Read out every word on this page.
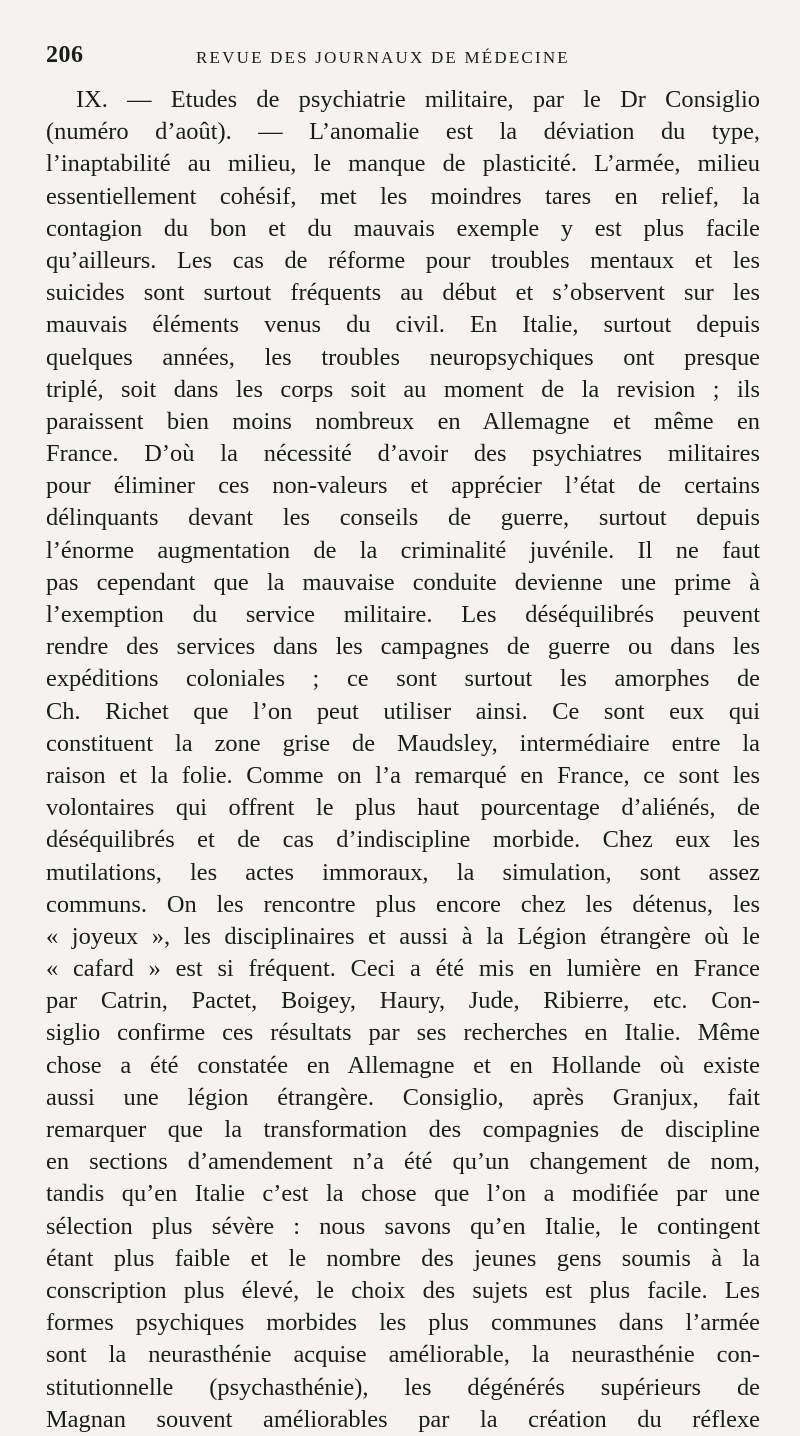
206	REVUE DES JOURNAUX DE MÉDECINE
IX. — Etudes de psychiatrie militaire, par le Dr Consiglio
(numéro d’août). — L’anomalie est la déviation du type,
l’inaptabilité au milieu, le manque de plasticité. L’armée, milieu
essentiellement cohésif, met les moindres tares en relief, la
contagion du bon et du mauvais exemple y est plus facile
qu’ailleurs. Les cas de réforme pour troubles mentaux et les
suicides sont surtout fréquents au début et s’observent sur les
mauvais éléments venus du civil. En Italie, surtout depuis
quelques années, les troubles neuropsychiques ont presque
triplé, soit dans les corps soit au moment de la revision ; ils
paraissent bien moins nombreux en Allemagne et même en
France. D’où la nécessité d’avoir des psychiatres militaires
pour éliminer ces non-valeurs et apprécier l’état de certains
délinquants devant les conseils de guerre, surtout depuis
l’énorme augmentation de la criminalité juvénile. Il ne faut
pas cependant que la mauvaise conduite devienne une prime à
l’exemption du service militaire. Les déséquilibrés peuvent
rendre des services dans les campagnes de guerre ou dans les
expéditions coloniales ; ce sont surtout les amorphes de
Ch. Richet que l’on peut utiliser ainsi. Ce sont eux qui
constituent la zone grise de Maudsley, intermédiaire entre la
raison et la folie. Comme on l’a remarqué en France, ce sont les
volontaires qui offrent le plus haut pourcentage d’aliénés, de
déséquilibrés et de cas d’indiscipline morbide. Chez eux les
mutilations, les actes immoraux, la simulation, sont assez
communs. On les rencontre plus encore chez les détenus, les
« joyeux », les disciplinaires et aussi à la Légion étrangère où le
« cafard » est si fréquent. Ceci a été mis en lumière en France
par Catrin, Pactet, Boigey, Haury, Jude, Ribierre, etc. Con-
siglio confirme ces résultats par ses recherches en Italie. Même
chose a été constatée en Allemagne et en Hollande où existe
aussi une légion étrangère. Consiglio, après Granjux, fait
remarquer que la transformation des compagnies de discipline
en sections d’amendement n’a été qu’un changement de nom,
tandis qu’en Italie c’est la chose que l’on a modifiée par une
sélection plus sévère : nous savons qu’en Italie, le contingent
étant plus faible et le nombre des jeunes gens soumis à la
conscription plus élevé, le choix des sujets est plus facile. Les
formes psychiques morbides les plus communes dans l’armée
sont la neurasthénie acquise améliorable, la neurasthénie con-
stitutionnelle (psychasthénie), les dégénérés supérieurs de
Magnan souvent améliorables par la création du réflexe
